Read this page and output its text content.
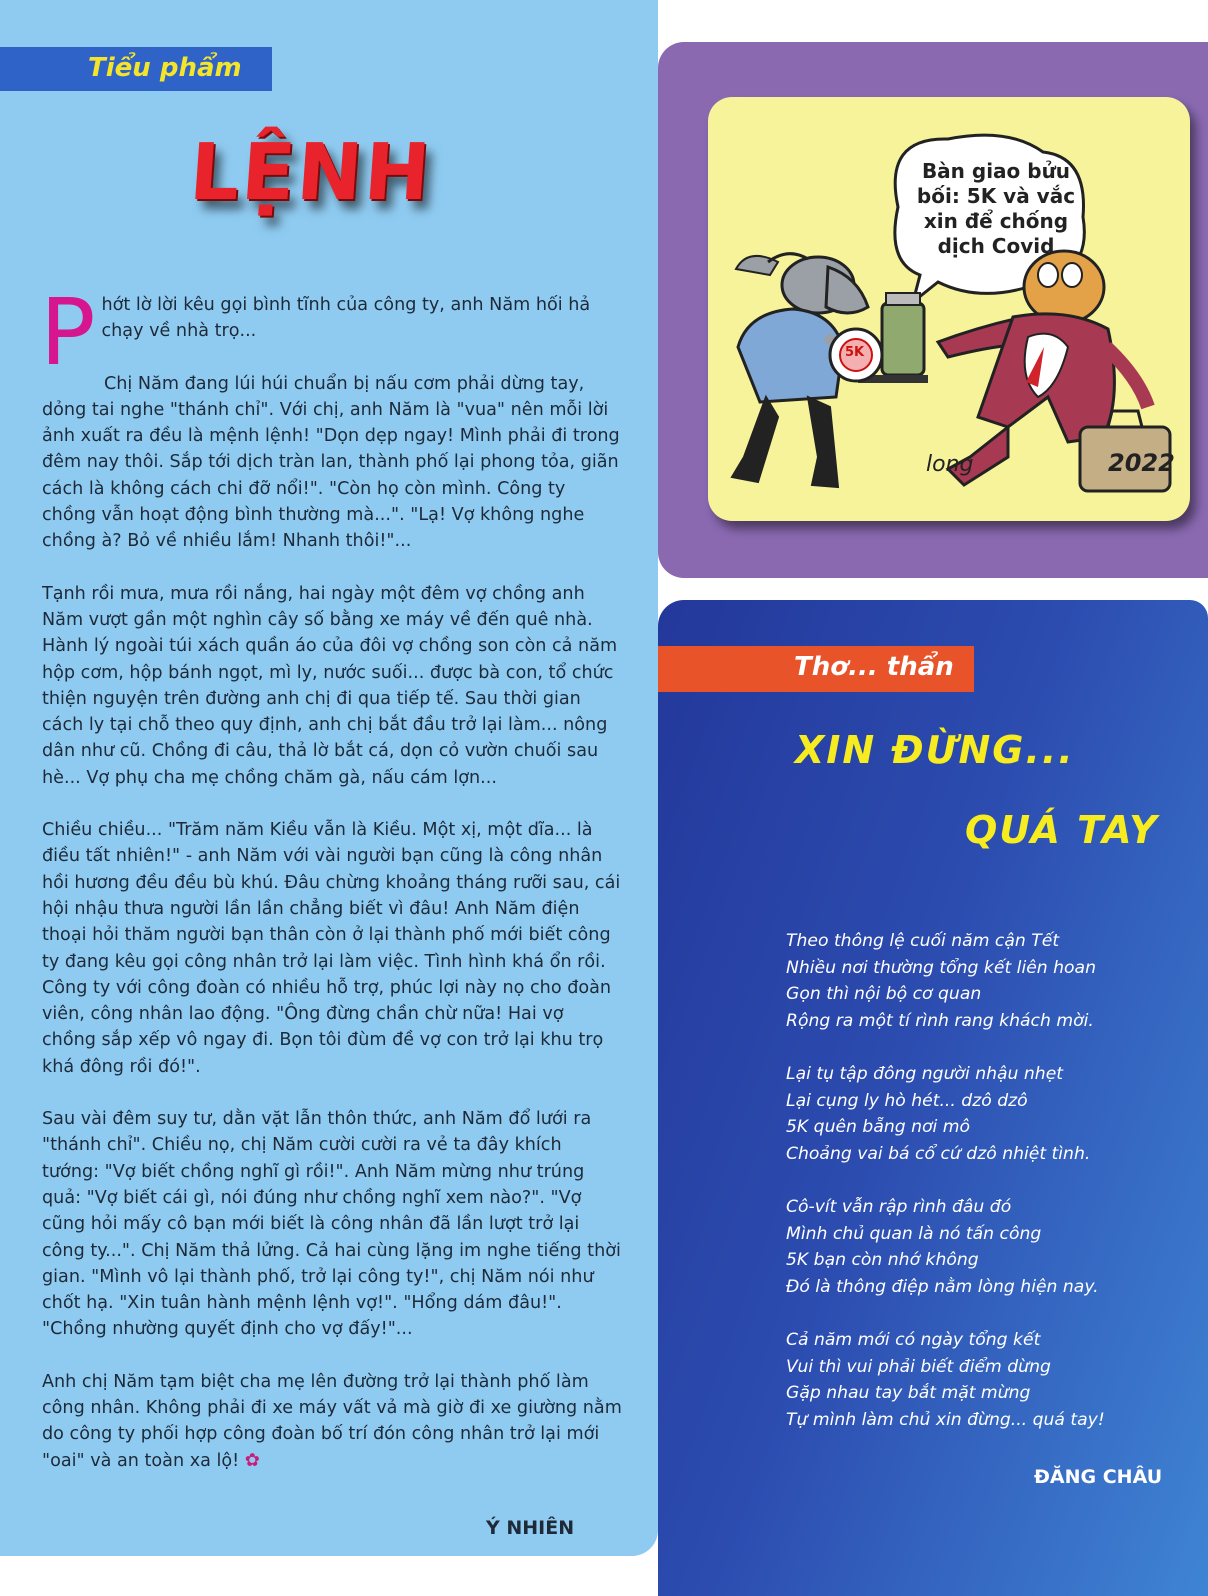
Tiểu phẩm
LỆNH

Phớt lờ lời kêu gọi bình tĩnh của công ty, anh Năm hối hả chạy về nhà trọ...

Chị Năm đang lúi húi chuẩn bị nấu cơm phải dừng tay, dỏng tai nghe "thánh chỉ". Với chị, anh Năm là "vua" nên mỗi lời ảnh xuất ra đều là mệnh lệnh! "Dọn dẹp ngay! Mình phải đi trong đêm nay thôi. Sắp tới dịch tràn lan, thành phố lại phong tỏa, giãn cách là không cách chi đỡ nổi!". "Còn họ còn mình. Công ty chồng vẫn hoạt động bình thường mà...". "Lạ! Vợ không nghe chồng à? Bỏ về nhiều lắm! Nhanh thôi!"...

Tạnh rồi mưa, mưa rồi nắng, hai ngày một đêm vợ chồng anh Năm vượt gần một nghìn cây số bằng xe máy về đến quê nhà. Hành lý ngoài túi xách quần áo của đôi vợ chồng son còn cả năm hộp cơm, hộp bánh ngọt, mì ly, nước suối... được bà con, tổ chức thiện nguyện trên đường anh chị đi qua tiếp tế. Sau thời gian cách ly tại chỗ theo quy định, anh chị bắt đầu trở lại làm... nông dân như cũ. Chồng đi câu, thả lờ bắt cá, dọn cỏ vườn chuối sau hè... Vợ phụ cha mẹ chồng chăm gà, nấu cám lợn...

Chiều chiều... "Trăm năm Kiều vẫn là Kiều. Một xị, một dĩa... là điều tất nhiên!" - anh Năm với vài người bạn cũng là công nhân hồi hương đều đều bù khú. Đâu chừng khoảng tháng rưỡi sau, cái hội nhậu thưa người lần lần chẳng biết vì đâu! Anh Năm điện thoại hỏi thăm người bạn thân còn ở lại thành phố mới biết công ty đang kêu gọi công nhân trở lại làm việc. Tình hình khá ổn rồi. Công ty với công đoàn có nhiều hỗ trợ, phúc lợi này nọ cho đoàn viên, công nhân lao động. "Ông đừng chần chừ nữa! Hai vợ chồng sắp xếp vô ngay đi. Bọn tôi đùm đề vợ con trở lại khu trọ khá đông rồi đó!".

Sau vài đêm suy tư, dằn vặt lẫn thôn thức, anh Năm đổ lưới ra "thánh chỉ". Chiều nọ, chị Năm cười cười ra vẻ ta đây khích tướng: "Vợ biết chồng nghĩ gì rồi!". Anh Năm mừng như trúng quả: "Vợ biết cái gì, nói đúng như chồng nghĩ xem nào?". "Vợ cũng hỏi mấy cô bạn mới biết là công nhân đã lần lượt trở lại công ty...". Chị Năm thả lửng. Cả hai cùng lặng im nghe tiếng thời gian. "Mình vô lại thành phố, trở lại công ty!", chị Năm nói như chốt hạ. "Xin tuân hành mệnh lệnh vợ!". "Hổng dám đâu!". "Chồng nhường quyết định cho vợ đấy!"...

Anh chị Năm tạm biệt cha mẹ lên đường trở lại thành phố làm công nhân. Không phải đi xe máy vất vả mà giờ đi xe giường nằm do công ty phối hợp công đoàn bố trí đón công nhân trở lại mới "oai" và an toàn xa lộ! ✿

Ý NHIÊN
Bàn giao bửu bối: 5K và vắc xin để chống dịch Covid
5K
long	2022
Thơ... thẩn
XIN ĐỪNG...
QUÁ TAY
Theo thông lệ cuối năm cận Tết
Nhiều nơi thường tổng kết liên hoan
Gọn thì nội bộ cơ quan
Rộng ra một tí rình rang khách mời.
Lại tụ tập đông người nhậu nhẹt
Lại cụng ly hò hét... dzô dzô
5K quên bẵng nơi mô
Choảng vai bá cổ cứ dzô nhiệt tình.
Cô-vít vẫn rập rình đâu đó
Mình chủ quan là nó tấn công
5K bạn còn nhớ không
Đó là thông điệp nằm lòng hiện nay.
Cả năm mới có ngày tổng kết
Vui thì vui phải biết điểm dừng
Gặp nhau tay bắt mặt mừng
Tự mình làm chủ xin đừng... quá tay!
ĐĂNG CHÂU
